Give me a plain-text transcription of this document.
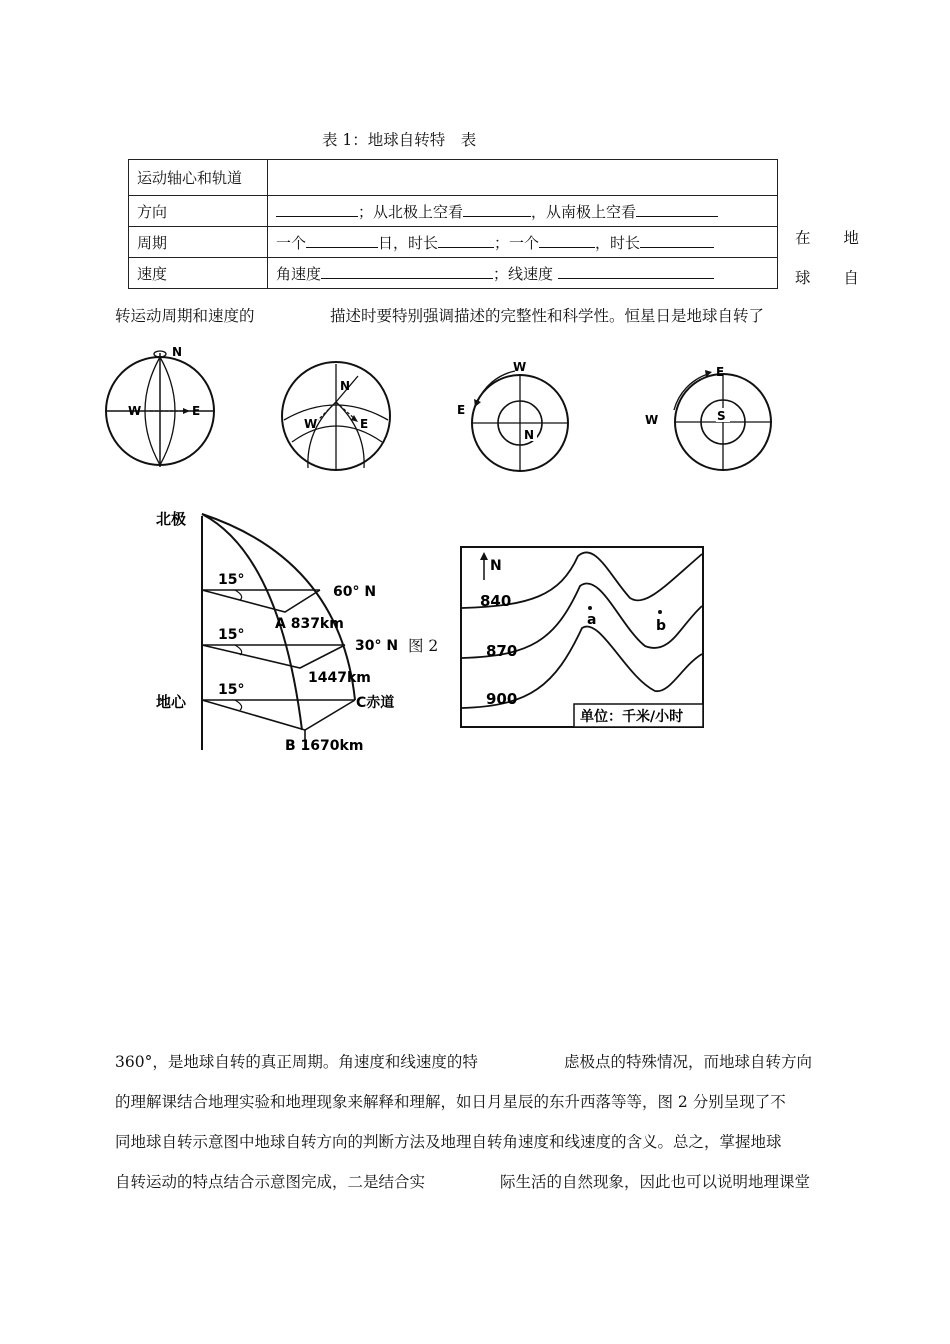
表 1：地球自转特　表
运动轴心和轨道	
方向	；从北极上空看 ，从南极上空看
周期	一个 日，时长 ；一个 ，时长
速度	角速度 ；线速度
在 地
球 自
转运动周期和速度的	描述时要特别强调描述的完整性和科学性。恒星日是地球自转了
N
W	E
N
W	E
W
E
N
E
W	S
北极
地心
15°
15°
15°
60° N
30° N
C赤道
A 837km
1447km
B 1670km
图 2
N
840
870
900
a	b
单位：千米/小时
360°，是地球自转的真正周期。角速度和线速度的特	虑极点的特殊情况，而地球自转方向
的理解课结合地理实验和地理现象来解释和理解，如日月星辰的东升西落等等，图 2 分别呈现了不
同地球自转示意图中地球自转方向的判断方法及地理自转角速度和线速度的含义。总之，掌握地球
自转运动的特点结合示意图完成，二是结合实	际生活的自然现象，因此也可以说明地理课堂
